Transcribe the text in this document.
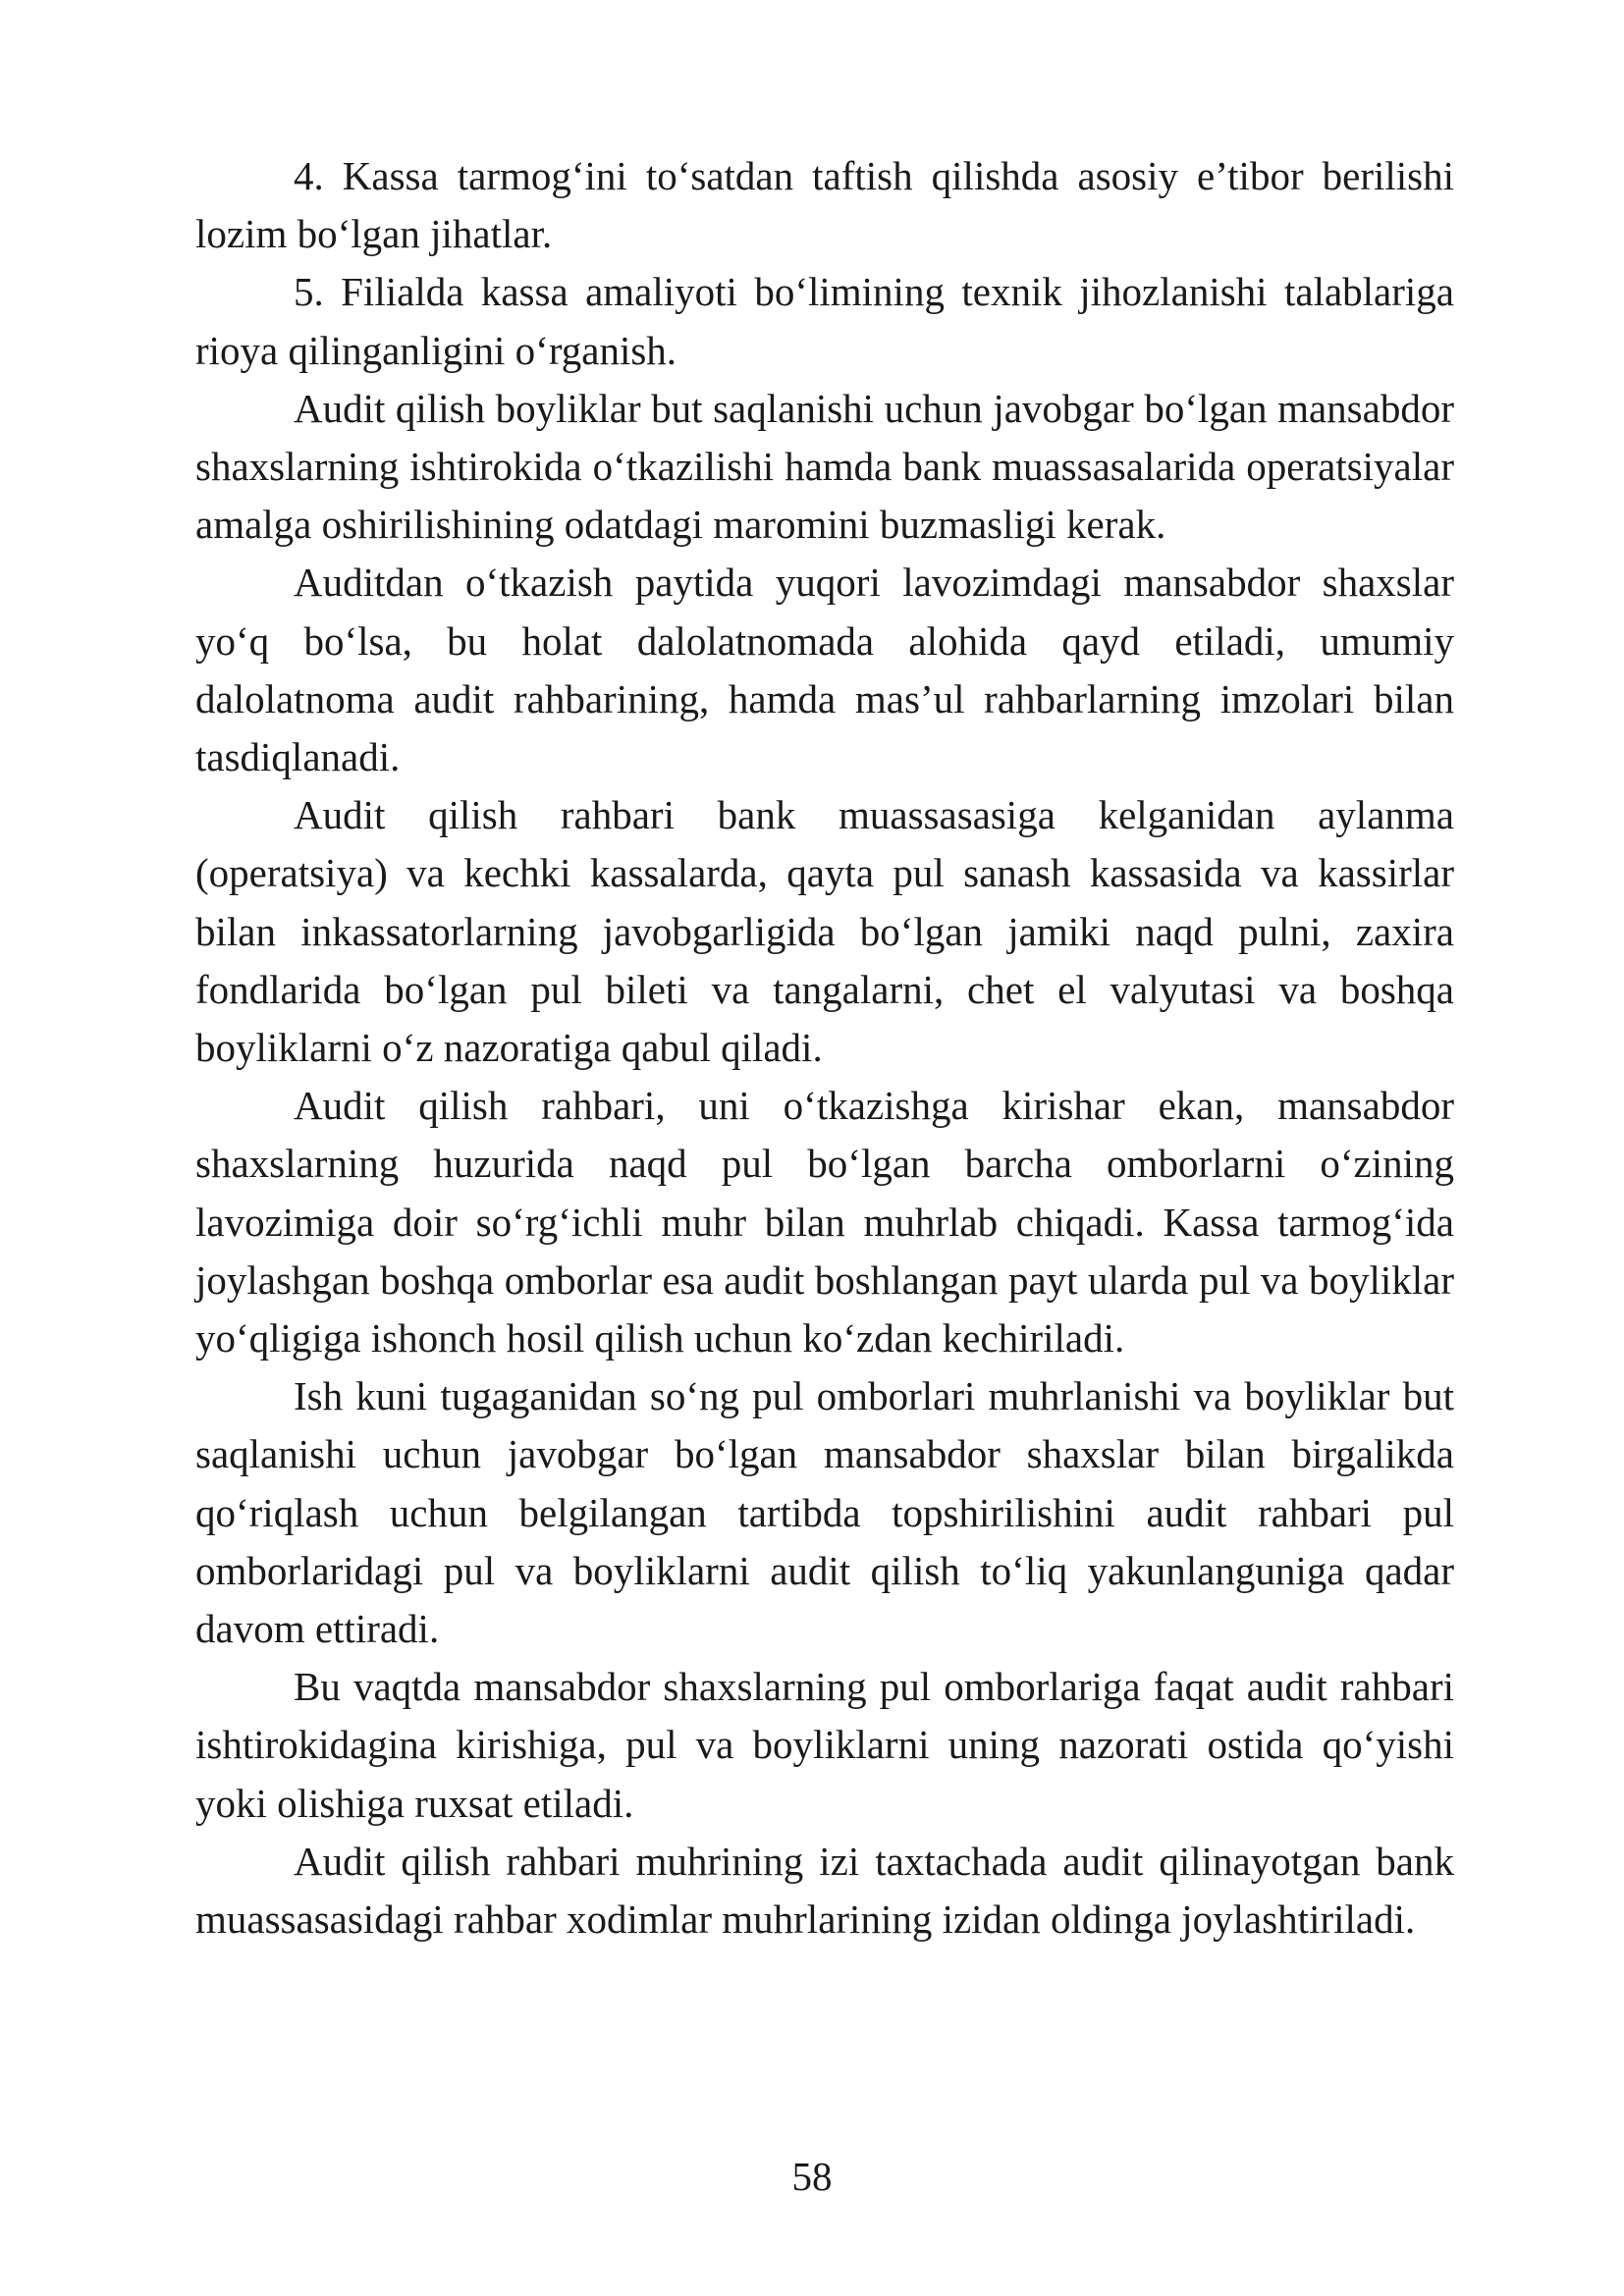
4. Kassa tarmog‘ini to‘satdan taftish qilishda asosiy e’tibor berilishi lozim bo‘lgan jihatlar.

5. Filialda kassa amaliyoti bo‘limining texnik jihozlanishi talablariga rioya qilinganligini o‘rganish.

Audit qilish boyliklar but saqlanishi uchun javobgar bo‘lgan mansabdor shaxslarning ishtirokida o‘tkazilishi hamda bank muassasalarida operatsiyalar amalga oshirilishining odatdagi maromini buzmasligi kerak.

Auditdan o‘tkazish paytida yuqori lavozimdagi mansabdor shaxslar yo‘q bo‘lsa, bu holat dalolatnomada alohida qayd etiladi, umumiy dalolatnoma audit rahbarining, hamda mas’ul rahbarlarning imzolari bilan tasdiqlanadi.

Audit qilish rahbari bank muassasasiga kelganidan aylanma (operatsiya) va kechki kassalarda, qayta pul sanash kassasida va kassirlar bilan inkassatorlarning javobgarligida bo‘lgan jamiki naqd pulni, zaxira fondlarida bo‘lgan pul bileti va tangalarni, chet el valyutasi va boshqa boyliklarni o‘z nazoratiga qabul qiladi.

Audit qilish rahbari, uni o‘tkazishga kirishar ekan, mansabdor shaxslarning huzurida naqd pul bo‘lgan barcha omborlarni o‘zining lavozimiga doir so‘rg‘ichli muhr bilan muhrlab chiqadi. Kassa tarmog‘ida joylashgan boshqa omborlar esa audit boshlangan payt ularda pul va boyliklar yo‘qligiga ishonch hosil qilish uchun ko‘zdan kechiriladi.

Ish kuni tugaganidan so‘ng pul omborlari muhrlanishi va boyliklar but saqlanishi uchun javobgar bo‘lgan mansabdor shaxslar bilan birgalikda qo‘riqlash uchun belgilangan tartibda topshirilishini audit rahbari pul omborlaridagi pul va boyliklarni audit qilish to‘liq yakunlanguniga qadar davom ettiradi.

Bu vaqtda mansabdor shaxslarning pul omborlariga faqat audit rahbari ishtirokidagina kirishiga, pul va boyliklarni uning nazorati ostida qo‘yishi yoki olishiga ruxsat etiladi.

Audit qilish rahbari muhrining izi taxtachada audit qilinayotgan bank muassasasidagi rahbar xodimlar muhrlarining izidan oldinga joylashtiriladi.

58
